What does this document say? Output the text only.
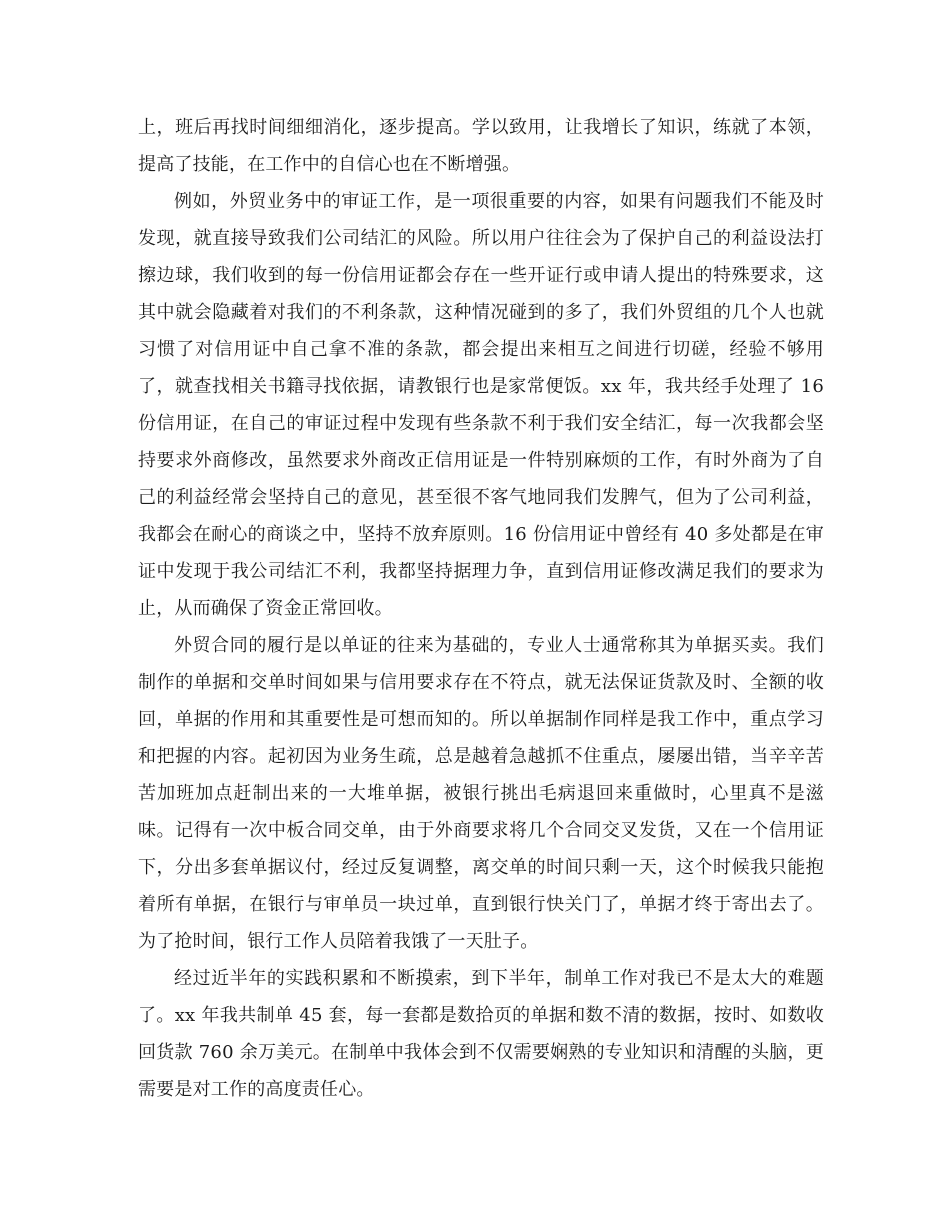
上，班后再找时间细细消化，逐步提高。学以致用，让我增长了知识，练就了本领，提高了技能，在工作中的自信心也在不断增强。

例如，外贸业务中的审证工作，是一项很重要的内容，如果有问题我们不能及时发现，就直接导致我们公司结汇的风险。所以用户往往会为了保护自己的利益设法打擦边球，我们收到的每一份信用证都会存在一些开证行或申请人提出的特殊要求，这其中就会隐藏着对我们的不利条款，这种情况碰到的多了，我们外贸组的几个人也就习惯了对信用证中自己拿不准的条款，都会提出来相互之间进行切磋，经验不够用了，就查找相关书籍寻找依据，请教银行也是家常便饭。xx 年，我共经手处理了 16 份信用证，在自己的审证过程中发现有些条款不利于我们安全结汇，每一次我都会坚持要求外商修改，虽然要求外商改正信用证是一件特别麻烦的工作，有时外商为了自己的利益经常会坚持自己的意见，甚至很不客气地同我们发脾气，但为了公司利益，我都会在耐心的商谈之中，坚持不放弃原则。16 份信用证中曾经有 40 多处都是在审证中发现于我公司结汇不利，我都坚持据理力争，直到信用证修改满足我们的要求为止，从而确保了资金正常回收。

外贸合同的履行是以单证的往来为基础的，专业人士通常称其为单据买卖。我们制作的单据和交单时间如果与信用要求存在不符点，就无法保证货款及时、全额的收回，单据的作用和其重要性是可想而知的。所以单据制作同样是我工作中，重点学习和把握的内容。起初因为业务生疏，总是越着急越抓不住重点，屡屡出错，当辛辛苦苦加班加点赶制出来的一大堆单据，被银行挑出毛病退回来重做时，心里真不是滋味。记得有一次中板合同交单，由于外商要求将几个合同交叉发货，又在一个信用证下，分出多套单据议付，经过反复调整，离交单的时间只剩一天，这个时候我只能抱着所有单据，在银行与审单员一块过单，直到银行快关门了，单据才终于寄出去了。为了抢时间，银行工作人员陪着我饿了一天肚子。

经过近半年的实践积累和不断摸索，到下半年，制单工作对我已不是太大的难题了。xx 年我共制单 45 套，每一套都是数拾页的单据和数不清的数据，按时、如数收回货款 760 余万美元。在制单中我体会到不仅需要娴熟的专业知识和清醒的头脑，更需要是对工作的高度责任心。
